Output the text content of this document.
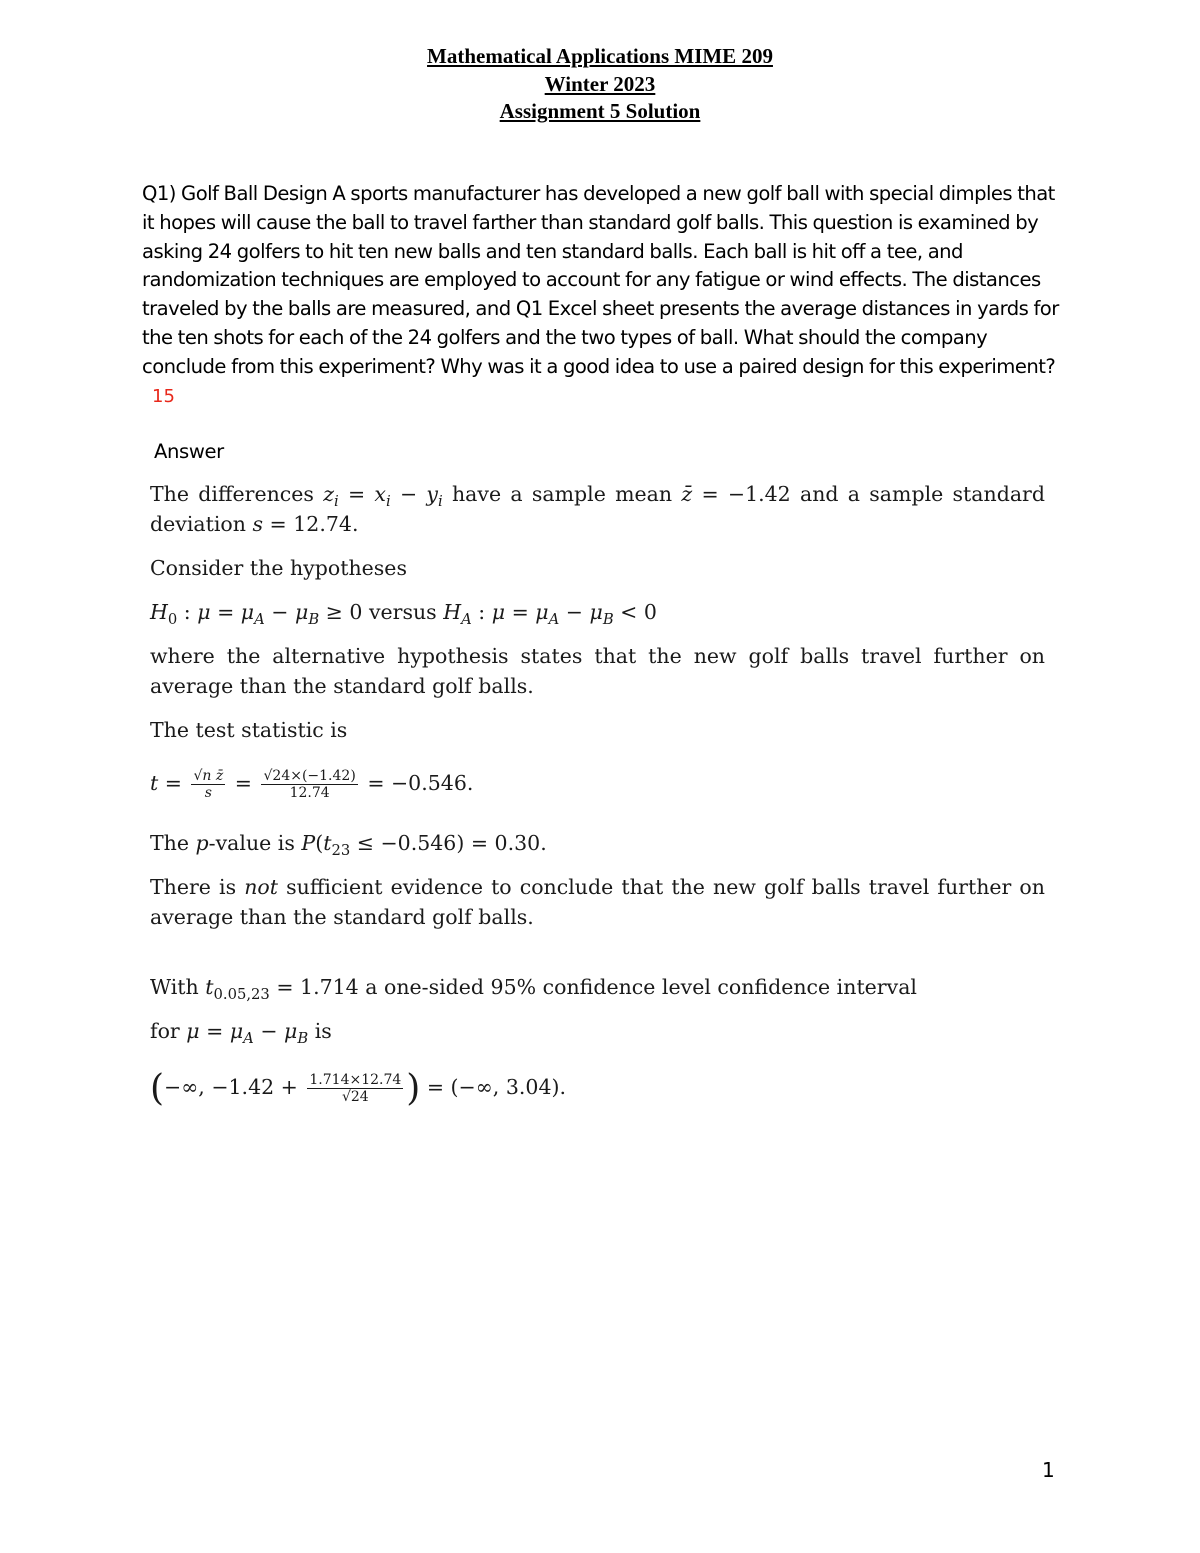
Mathematical Applications MIME 209
Winter 2023
Assignment 5 Solution
Q1) Golf Ball Design A sports manufacturer has developed a new golf ball with special dimples that it hopes will cause the ball to travel farther than standard golf balls. This question is examined by asking 24 golfers to hit ten new balls and ten standard balls. Each ball is hit off a tee, and randomization techniques are employed to account for any fatigue or wind effects. The distances traveled by the balls are measured, and Q1 Excel sheet presents the average distances in yards for the ten shots for each of the 24 golfers and the two types of ball. What should the company conclude from this experiment? Why was it a good idea to use a paired design for this experiment?15
Answer
The differences $z_i = x_i - y_i$ have a sample mean z̄ = −1.42 and a sample standard
deviation s = 12.74.
Consider the hypotheses
$H_0$ : $\mu = \mu_A - \mu_B \ge 0$ versus $H_A$ : $\mu = \mu_A - \mu_B < 0$
where the alternative hypothesis states that the new golf balls travel further on
average than the standard golf balls.
The test statistic is
$t = \frac{\text{√n z̄}}{s} = \frac{√24\times(-1.42)}{12.74} = -0.546$.
The p-value is $P(t_{23} \le -0.546) = 0.30$.
There is not sufficient evidence to conclude that the new golf balls travel further on
average than the standard golf balls.
With $t_{0.05,23} = 1.714$ a one-sided 95% confidence level confidence interval
for $\mu = \mu_A - \mu_B$ is
(−∞, $-1.42 + \frac{1.714\times 12.74}{√24}$ ) = (−∞, 3.04).
1
